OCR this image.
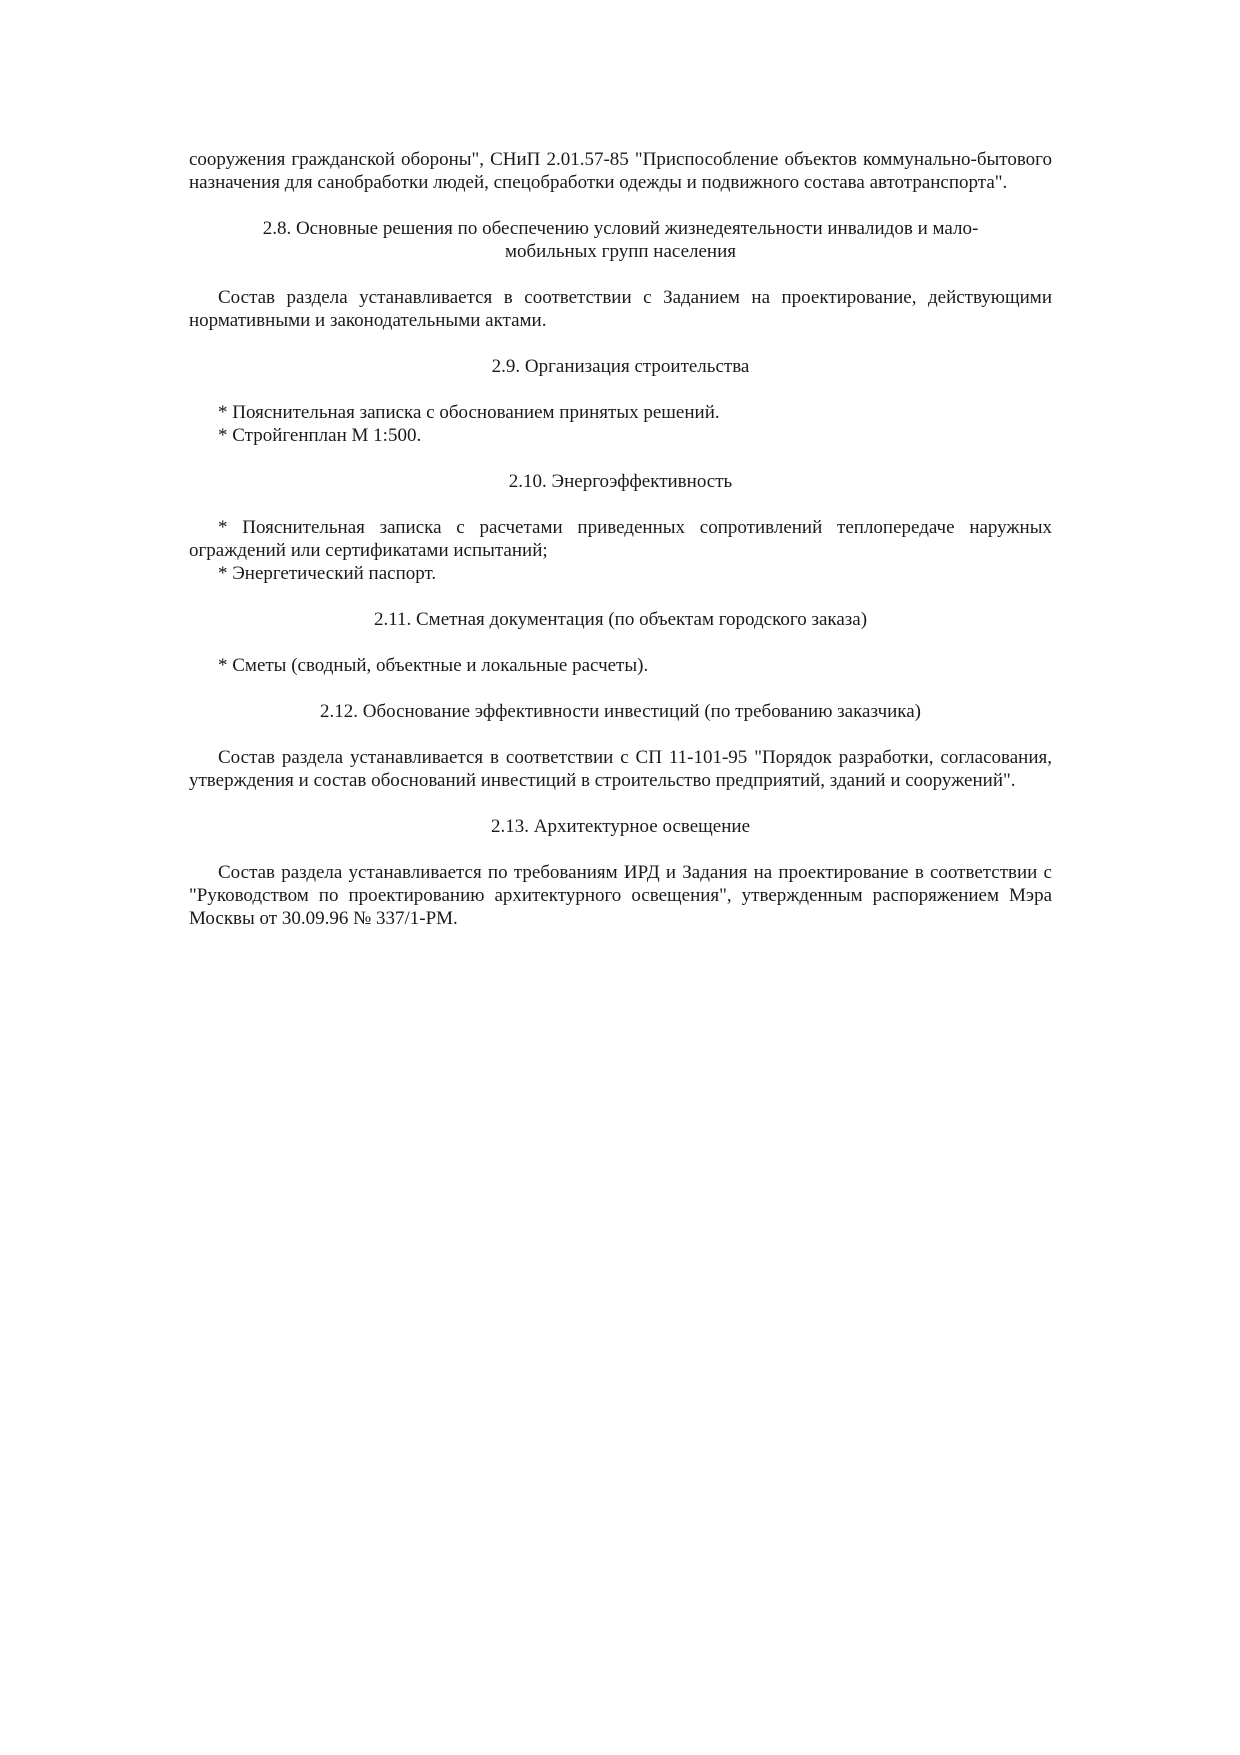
сооружения гражданской обороны", СНиП 2.01.57-85 "Приспособление объектов коммунально-бытового назначения для санобработки людей, спецобработки одежды и подвижного состава автотранспорта".

2.8. Основные решения по обеспечению условий жизнедеятельности инвалидов и мало-мобильных групп населения

Состав раздела устанавливается в соответствии с Заданием на проектирование, действующими нормативными и законодательными актами.

2.9. Организация строительства

* Пояснительная записка с обоснованием принятых решений.

* Стройгенплан М 1:500.

2.10. Энергоэффективность

* Пояснительная записка с расчетами приведенных сопротивлений теплопередаче наружных ограждений или сертификатами испытаний;

* Энергетический паспорт.

2.11. Сметная документация (по объектам городского заказа)

* Сметы (сводный, объектные и локальные расчеты).

2.12. Обоснование эффективности инвестиций (по требованию заказчика)

Состав раздела устанавливается в соответствии с СП 11-101-95 "Порядок разработки, согласования, утверждения и состав обоснований инвестиций в строительство предприятий, зданий и сооружений".

2.13. Архитектурное освещение

Состав раздела устанавливается по требованиям ИРД и Задания на проектирование в соответствии с "Руководством по проектированию архитектурного освещения", утвержденным распоряжением Мэра Москвы от 30.09.96 № 337/1-РМ.
